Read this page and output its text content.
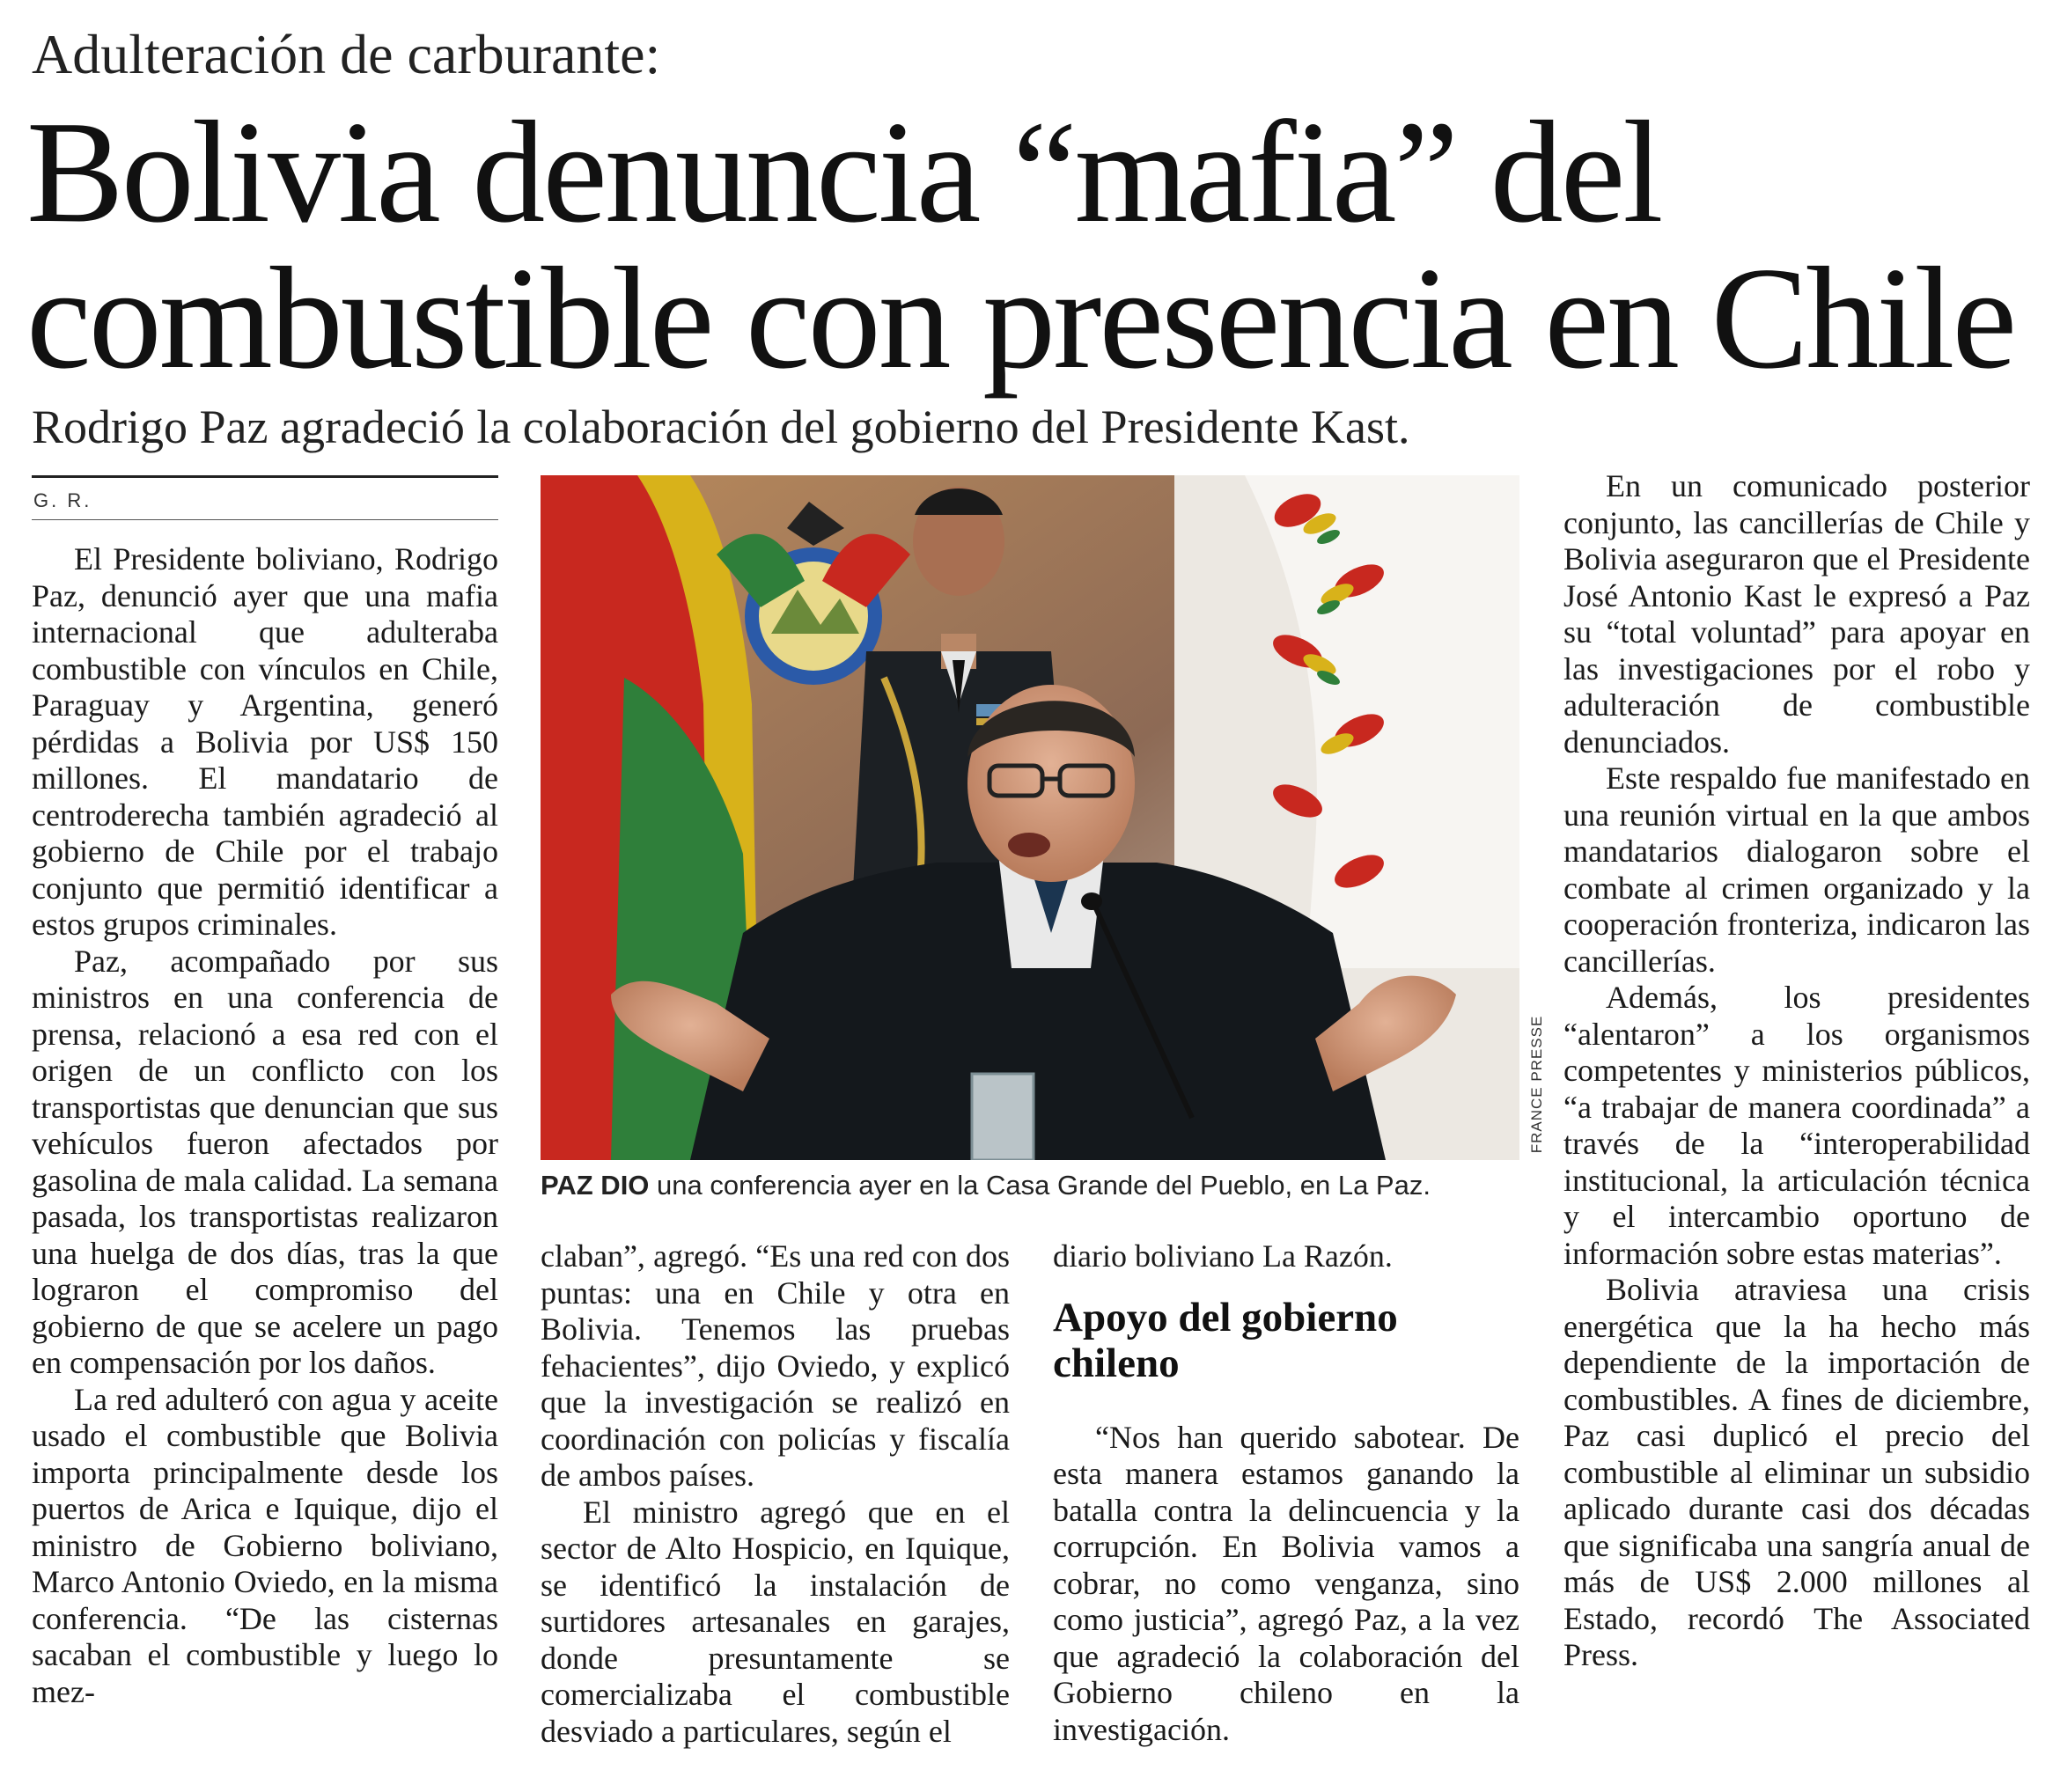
Adulteración de carburante:
Bolivia denuncia “mafia” del
combustible con presencia en Chile
Rodrigo Paz agradeció la colaboración del gobierno del Presidente Kast.
G. R.

El Presidente boliviano, Rodrigo Paz, denunció ayer que una mafia internacional que adulteraba combustible con vínculos en Chile, Paraguay y Argentina, generó pérdidas a Bolivia por US$ 150 millones. El mandatario de centroderecha también agradeció al gobierno de Chile por el trabajo conjunto que permitió identificar a estos grupos criminales.

Paz, acompañado por sus ministros en una conferencia de prensa, relacionó a esa red con el origen de un conflicto con los transportistas que denuncian que sus vehículos fueron afectados por gasolina de mala calidad. La semana pasada, los transportistas realizaron una huelga de dos días, tras la que lograron el compromiso del gobierno de que se acelere un pago en compensación por los daños.

La red adulteró con agua y aceite usado el combustible que Bolivia importa principalmente desde los puertos de Arica e Iquique, dijo el ministro de Gobierno boliviano, Marco Antonio Oviedo, en la misma conferencia. “De las cisternas sacaban el combustible y luego lo mez-

FRANCE PRESSE
PAZ DIO una conferencia ayer en la Casa Grande del Pueblo, en La Paz.

claban”, agregó. “Es una red con dos puntas: una en Chile y otra en Bolivia. Tenemos las pruebas fehacientes”, dijo Oviedo, y explicó que la investigación se realizó en coordinación con policías y fiscalía de ambos países.

El ministro agregó que en el sector de Alto Hospicio, en Iquique, se identificó la instalación de surtidores artesanales en garajes, donde presuntamente se comercializaba el combustible desviado a particulares, según el

diario boliviano La Razón.

Apoyo del gobierno chileno

“Nos han querido sabotear. De esta manera estamos ganando la batalla contra la delincuencia y la corrupción. En Bolivia vamos a cobrar, no como venganza, sino como justicia”, agregó Paz, a la vez que agradeció la colaboración del Gobierno chileno en la investigación.

En un comunicado posterior conjunto, las cancillerías de Chile y Bolivia aseguraron que el Presidente José Antonio Kast le expresó a Paz su “total voluntad” para apoyar en las investigaciones por el robo y adulteración de combustible denunciados.

Este respaldo fue manifestado en una reunión virtual en la que ambos mandatarios dialogaron sobre el combate al crimen organizado y la cooperación fronteriza, indicaron las cancillerías.

Además, los presidentes “alentaron” a los organismos competentes y ministerios públicos, “a trabajar de manera coordinada” a través de la “interoperabilidad institucional, la articulación técnica y el intercambio oportuno de información sobre estas materias”.

Bolivia atraviesa una crisis energética que la ha hecho más dependiente de la importación de combustibles. A fines de diciembre, Paz casi duplicó el precio del combustible al eliminar un subsidio aplicado durante casi dos décadas que significaba una sangría anual de más de US$ 2.000 millones al Estado, recordó The Associated Press.
